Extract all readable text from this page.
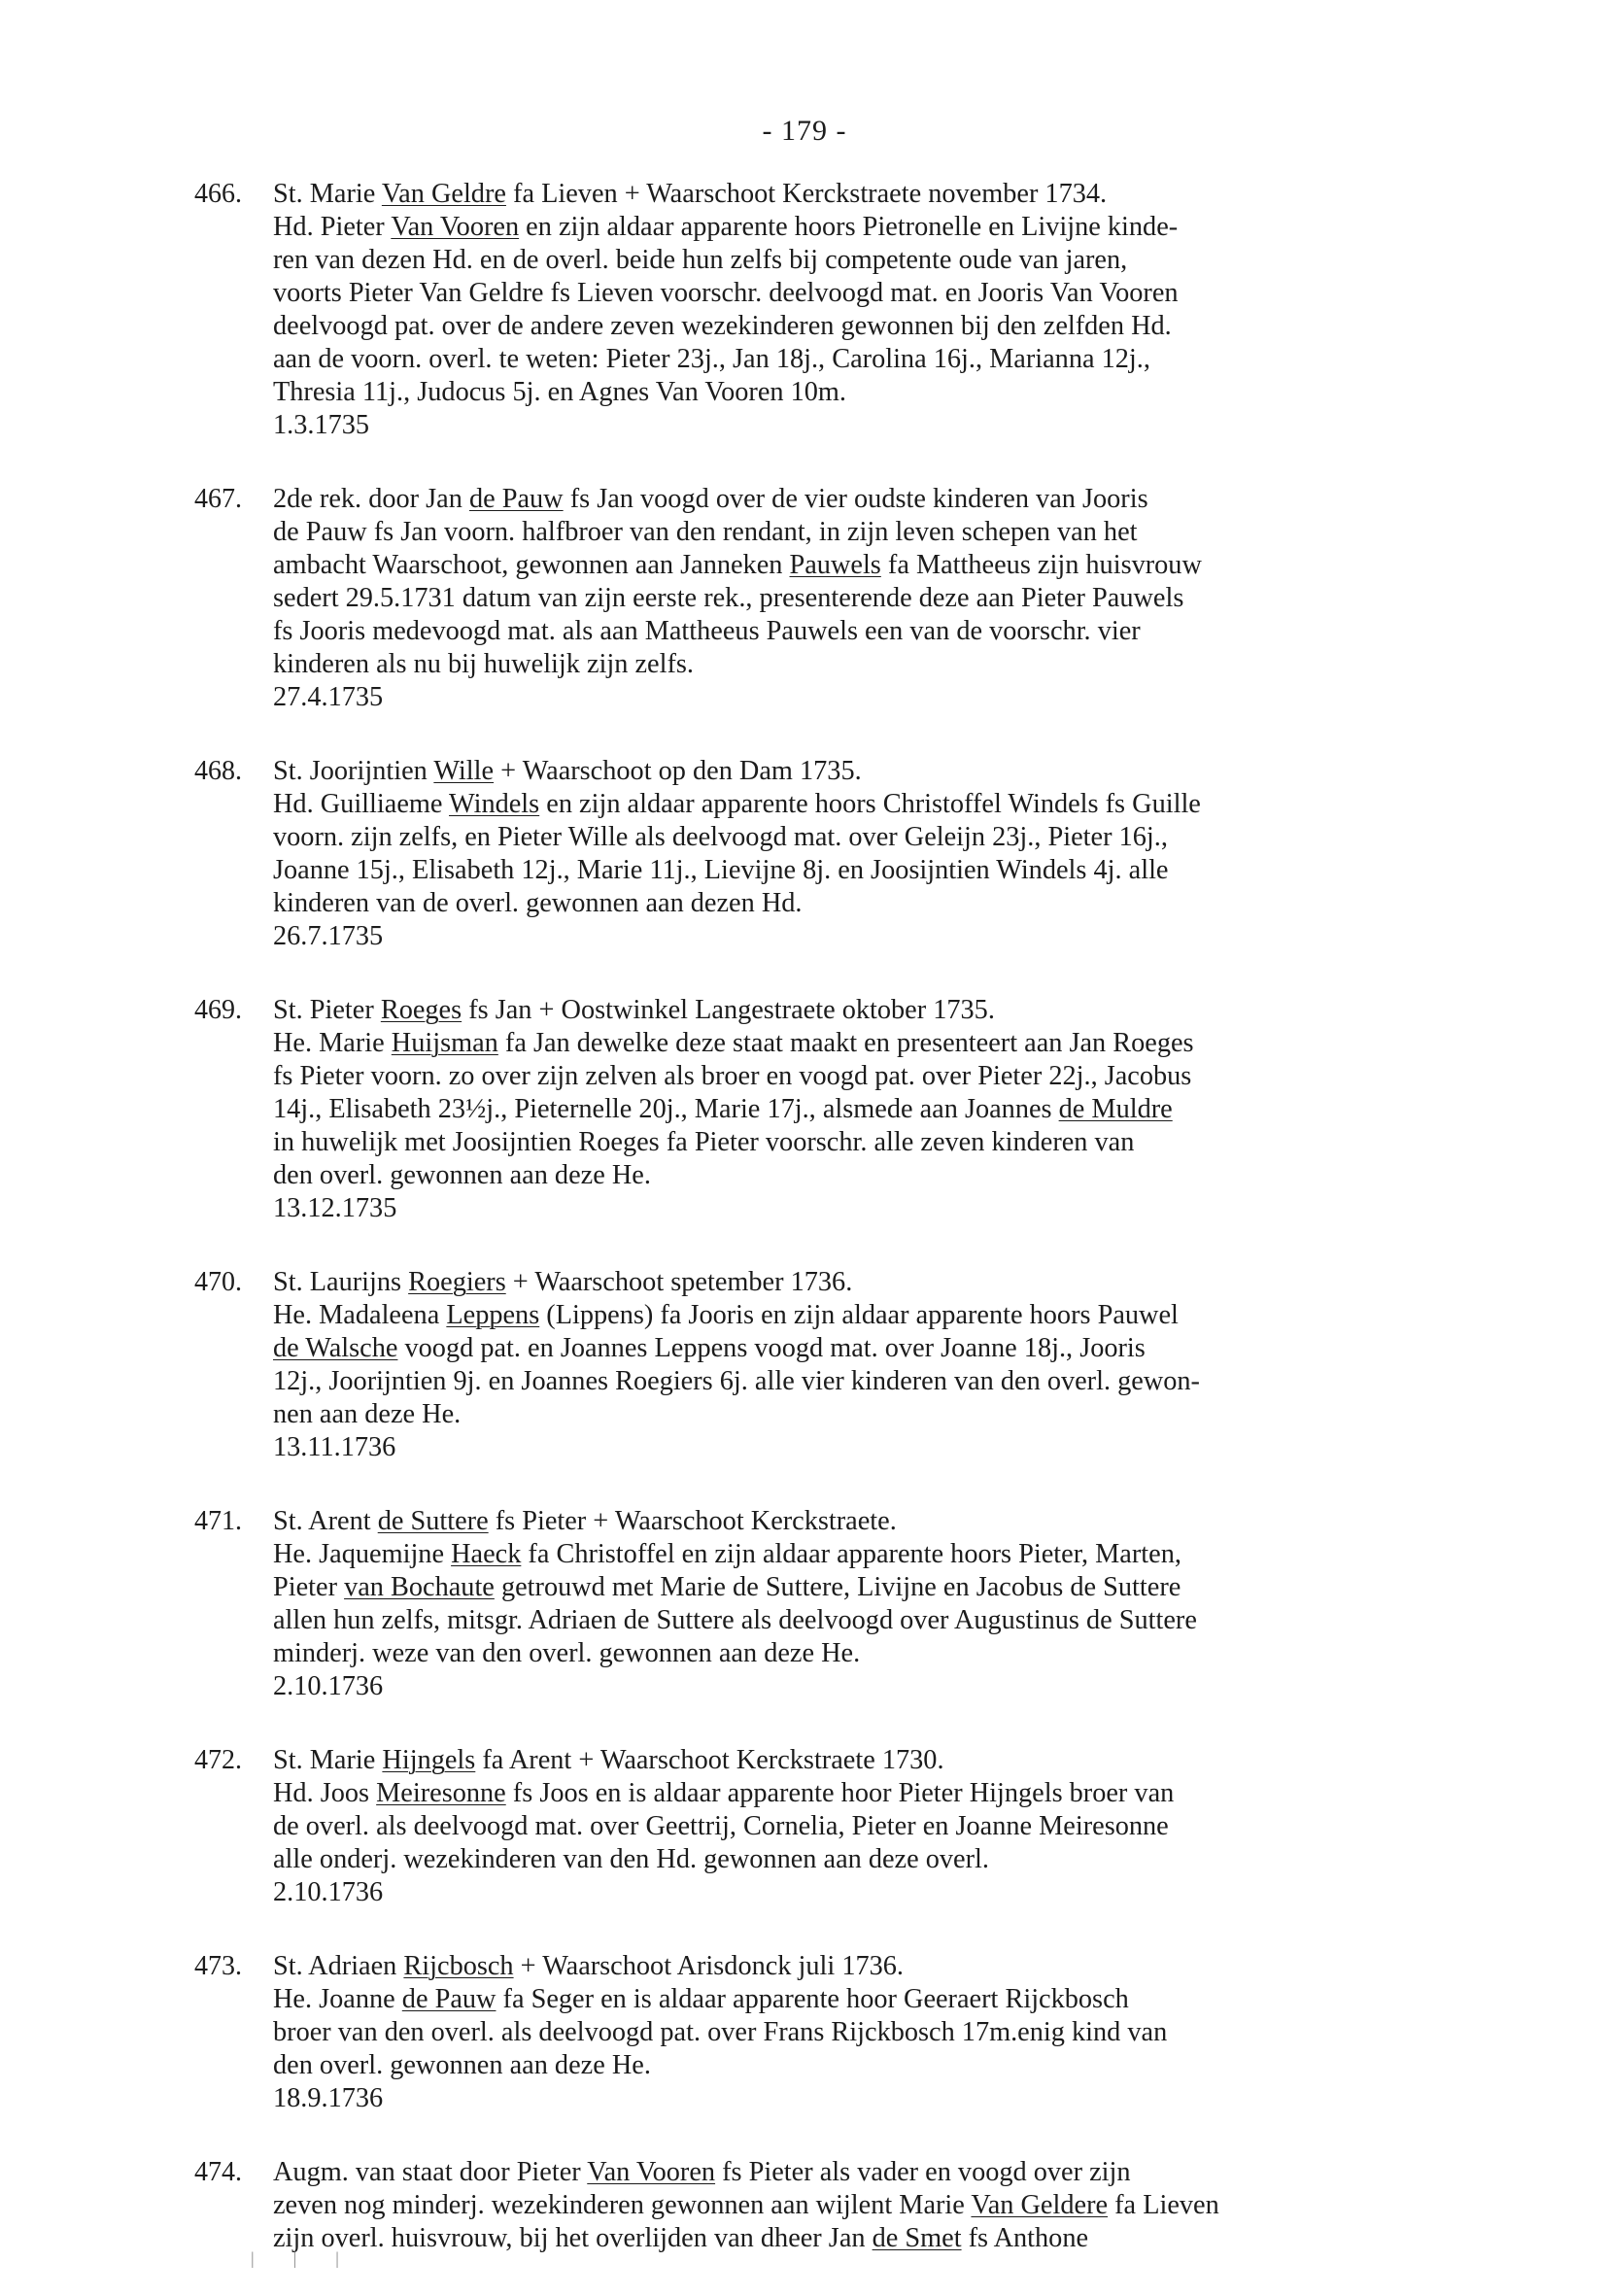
- 179 -
466. St. Marie Van Geldre fa Lieven + Waarschoot Kerckstraete november 1734.
Hd. Pieter Van Vooren en zijn aldaar apparente hoors Pietronelle en Livijne kinde-
ren van dezen Hd. en de overl. beide hun zelfs bij competente oude van jaren,
voorts Pieter Van Geldre fs Lieven voorschr. deelvoogd mat. en Jooris Van Vooren
deelvoogd pat. over de andere zeven wezekinderen gewonnen bij den zelfden Hd.
aan de voorn. overl. te weten: Pieter 23j., Jan 18j., Carolina 16j., Marianna 12j.,
Thresia 11j., Judocus 5j. en Agnes Van Vooren 10m.
1.3.1735
467. 2de rek. door Jan de Pauw fs Jan voogd over de vier oudste kinderen van Jooris
de Pauw fs Jan voorn. halfbroer van den rendant, in zijn leven schepen van het
ambacht Waarschoot, gewonnen aan Janneken Pauwels fa Mattheeus zijn huisvrouw
sedert 29.5.1731 datum van zijn eerste rek., presenterende deze aan Pieter Pauwels
fs Jooris medevoogd mat. als aan Mattheeus Pauwels een van de voorschr. vier
kinderen als nu bij huwelijk zijn zelfs.
27.4.1735
468. St. Joorijntien Wille + Waarschoot op den Dam 1735.
Hd. Guilliaeme Windels en zijn aldaar apparente hoors Christoffel Windels fs Guille
voorn. zijn zelfs, en Pieter Wille als deelvoogd mat. over Geleijn 23j., Pieter 16j.,
Joanne 15j., Elisabeth 12j., Marie 11j., Lievijne 8j. en Joosijntien Windels 4j. alle
kinderen van de overl. gewonnen aan dezen Hd.
26.7.1735
469. St. Pieter Roeges fs Jan + Oostwinkel Langestraete oktober 1735.
He. Marie Huijsman fa Jan dewelke deze staat maakt en presenteert aan Jan Roeges
fs Pieter voorn. zo over zijn zelven als broer en voogd pat. over Pieter 22j., Jacobus
14j., Elisabeth 23½j., Pieternelle 20j., Marie 17j., alsmede aan Joannes de Muldre
in huwelijk met Joosijntien Roeges fa Pieter voorschr. alle zeven kinderen van
den overl. gewonnen aan deze He.
13.12.1735
470. St. Laurijns Roegiers + Waarschoot spetember 1736.
He. Madaleena Leppens (Lippens) fa Jooris en zijn aldaar apparente hoors Pauwel
de Walsche voogd pat. en Joannes Leppens voogd mat. over Joanne 18j., Jooris
12j., Joorijntien 9j. en Joannes Roegiers 6j. alle vier kinderen van den overl. gewon-
nen aan deze He.
13.11.1736
471. St. Arent de Suttere fs Pieter + Waarschoot Kerckstraete.
He. Jaquemijne Haeck fa Christoffel en zijn aldaar apparente hoors Pieter, Marten,
Pieter van Bochaute getrouwd met Marie de Suttere, Livijne en Jacobus de Suttere
allen hun zelfs, mitsgr. Adriaen de Suttere als deelvoogd over Augustinus de Suttere
minderj. weze van den overl. gewonnen aan deze He.
2.10.1736
472. St. Marie Hijngels fa Arent + Waarschoot Kerckstraete 1730.
Hd. Joos Meiresonne fs Joos en is aldaar apparente hoor Pieter Hijngels broer van
de overl. als deelvoogd mat. over Geettrij, Cornelia, Pieter en Joanne Meiresonne
alle onderj. wezekinderen van den Hd. gewonnen aan deze overl.
2.10.1736
473. St. Adriaen Rijcbosch + Waarschoot Arisdonck juli 1736.
He. Joanne de Pauw fa Seger en is aldaar apparente hoor Geeraert Rijckbosch
broer van den overl. als deelvoogd pat. over Frans Rijckbosch 17m.enig kind van
den overl. gewonnen aan deze He.
18.9.1736
474. Augm. van staat door Pieter Van Vooren fs Pieter als vader en voogd over zijn
zeven nog minderj. wezekinderen gewonnen aan wijlent Marie Van Geldere fa Lieven
zijn overl. huisvrouw, bij het overlijden van dheer Jan de Smet fs Anthone
|||
